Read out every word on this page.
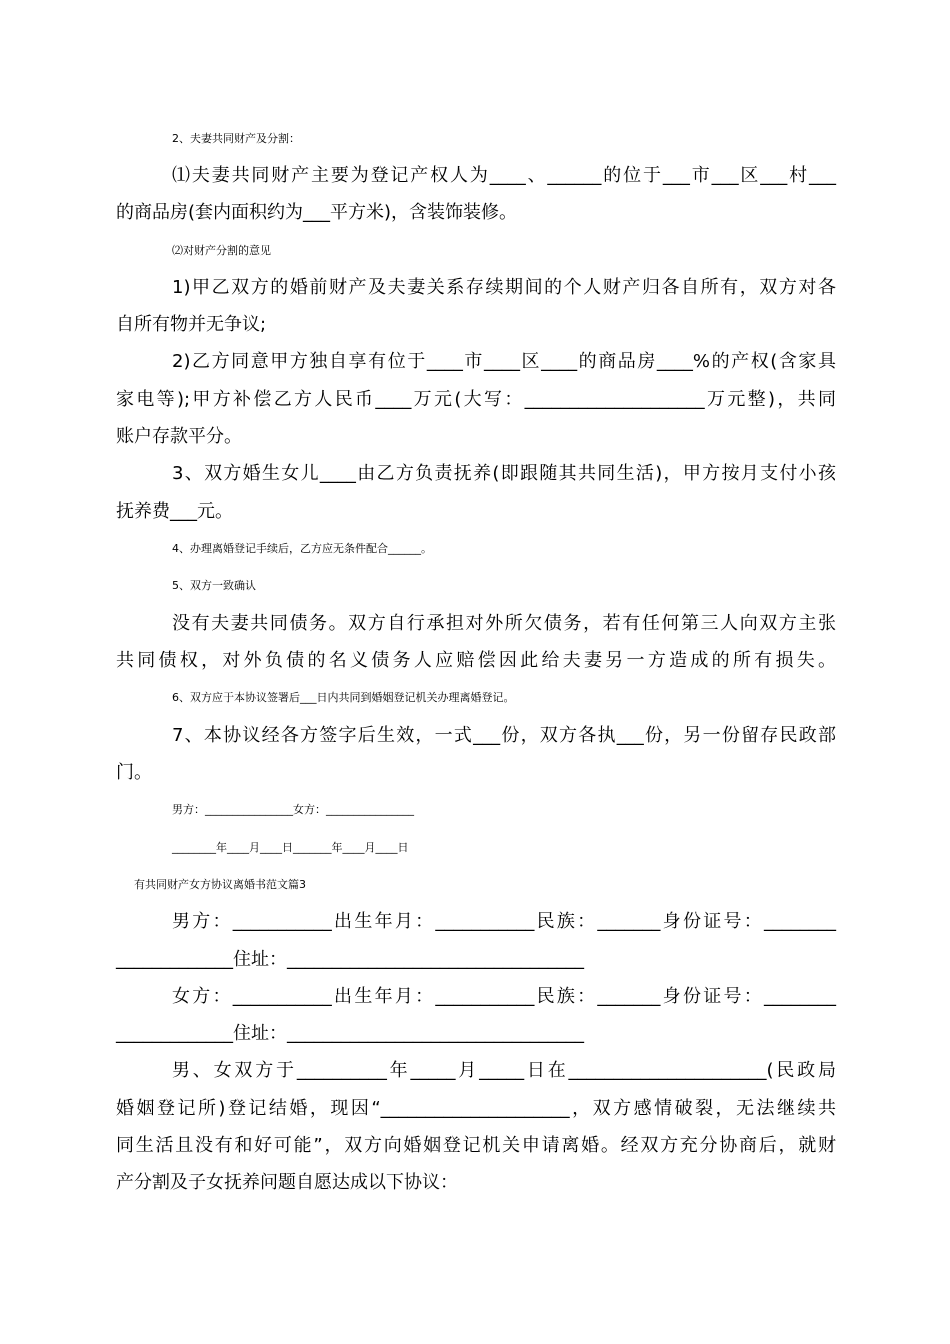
2、夫妻共同财产及分割：
⑴夫妻共同财产主要为登记产权人为____、______的位于___市___区___村___
的商品房(套内面积约为___平方米)，含装饰装修。
⑵对财产分割的意见
1)甲乙双方的婚前财产及夫妻关系存续期间的个人财产归各自所有，双方对各
自所有物并无争议;
2)乙方同意甲方独自享有位于____市____区____的商品房____%的产权(含家具
家电等);甲方补偿乙方人民币____万元(大写：____________________万元整)，共同
账户存款平分。
3、双方婚生女儿____由乙方负责抚养(即跟随其共同生活)，甲方按月支付小孩
抚养费___元。
4、办理离婚登记手续后，乙方应无条件配合______。
5、双方一致确认
没有夫妻共同债务。双方自行承担对外所欠债务，若有任何第三人向双方主张
共同债权，对外负债的名义债务人应赔偿因此给夫妻另一方造成的所有损失。
6、双方应于本协议签署后___日内共同到婚姻登记机关办理离婚登记。
7、本协议经各方签字后生效，一式___份，双方各执___份，另一份留存民政部
门。
男方：________________女方：________________
________年____月____日_______年____月____日
有共同财产女方协议离婚书范文篇3
男方：___________出生年月：___________民族：_______身份证号：________
_____________住址：_________________________________
女方：___________出生年月：___________民族：_______身份证号：________
_____________住址：_________________________________
男、女双方于__________年_____月_____日在______________________(民政局
婚姻登记所)登记结婚，现因“_____________________，双方感情破裂，无法继续共
同生活且没有和好可能”，双方向婚姻登记机关申请离婚。经双方充分协商后，就财
产分割及子女抚养问题自愿达成以下协议：
